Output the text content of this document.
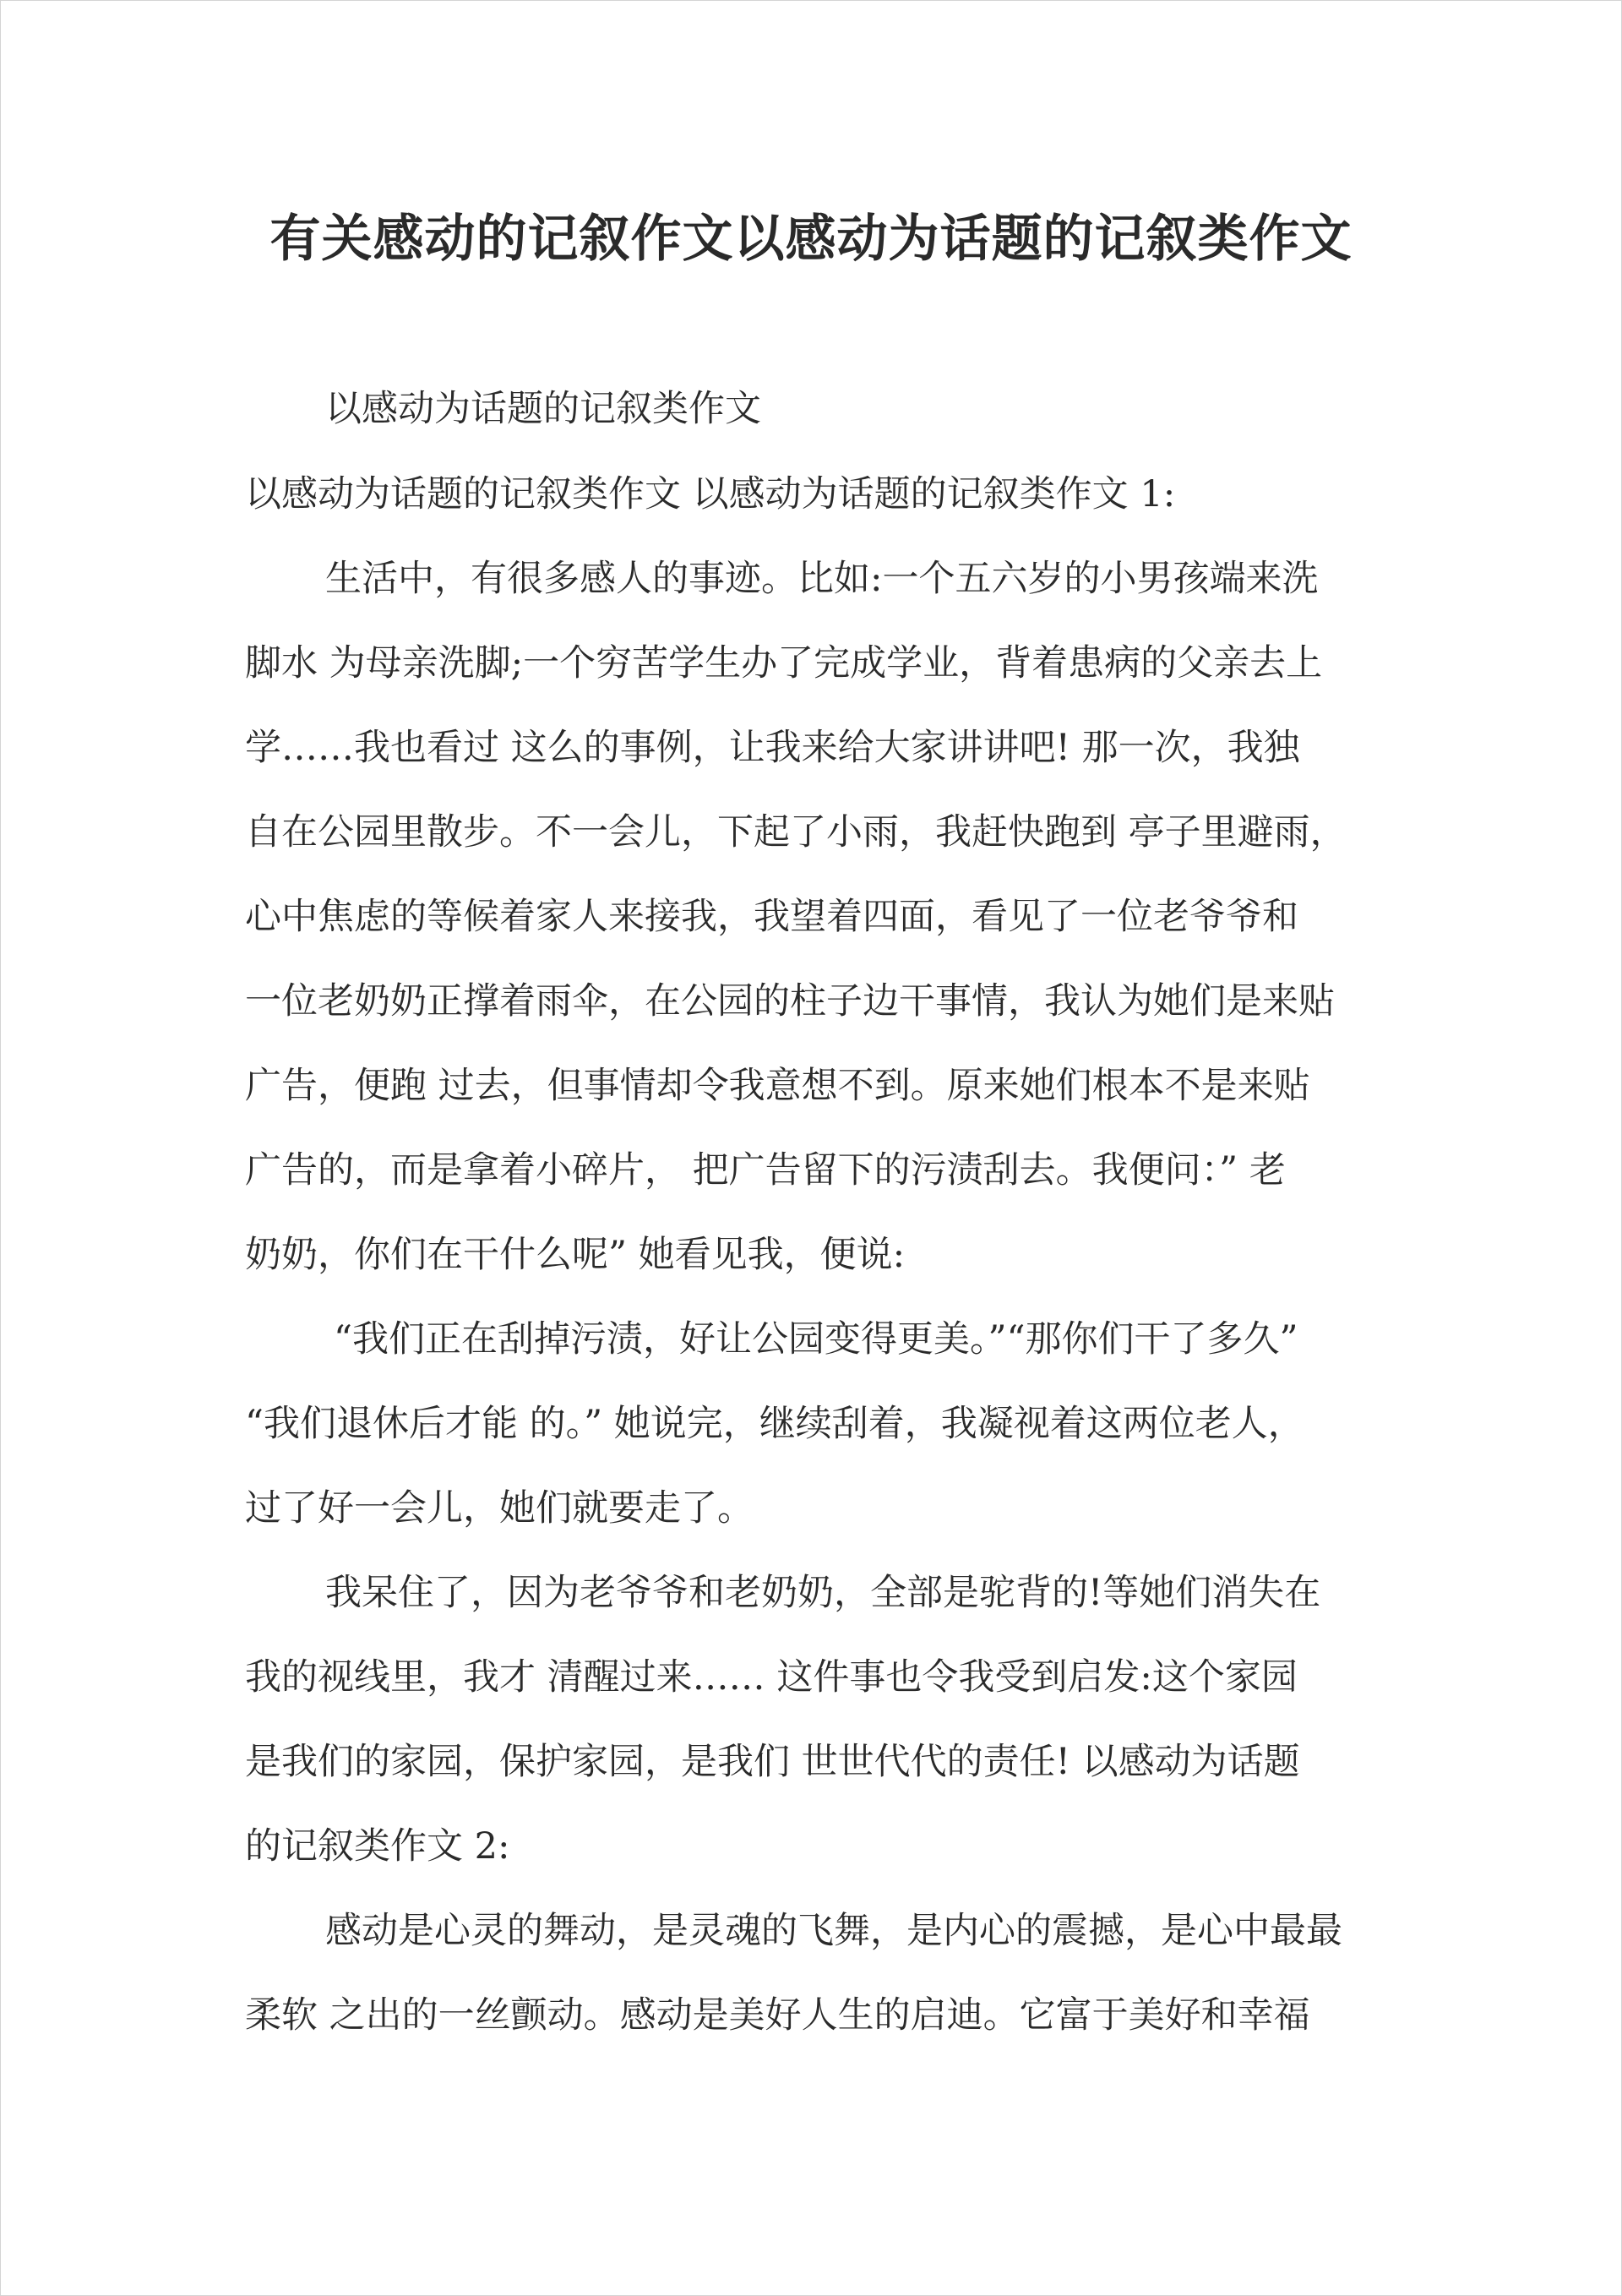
有关感动的记叙作文以感动为话题的记叙类作文

以感动为话题的记叙类作文

以感动为话题的记叙类作文 以感动为话题的记叙类作文 1:

生活中，有很多感人的事迹。比如:一个五六岁的小男孩端来洗

脚水 为母亲洗脚;一个穷苦学生办了完成学业，背着患病的父亲去上

学……我也看过 这么的事例，让我来给大家讲讲吧! 那一次，我独

自在公园里散步。不一会儿，下起了小雨，我赶快跑到 亭子里避雨，

心中焦虑的等候着家人来接我，我望着四面，看见了一位老爷爷和

一位老奶奶正撑着雨伞，在公园的柱子边干事情，我认为她们是来贴

广告，便跑 过去，但事情却令我意想不到。原来她们根本不是来贴

广告的，而是拿着小碎片， 把广告留下的污渍刮去。我便问：” 老

奶奶，你们在干什么呢” 她看见我，便说:

“我们正在刮掉污渍，好让公园变得更美。”“那你们干了多久”

“我们退休后才能 的。” 她说完，继续刮着，我凝视着这两位老人，

过了好一会儿，她们就要走了。

我呆住了，因为老爷爷和老奶奶，全部是驼背的!等她们消失在

我的视线里，我才 清醒过来…… 这件事也令我受到启发:这个家园

是我们的家园，保护家园，是我们 世世代代的责任! 以感动为话题

的记叙类作文 2:

感动是心灵的舞动，是灵魂的飞舞，是内心的震撼，是心中最最

柔软 之出的一丝颤动。感动是美好人生的启迪。它富于美好和幸福
